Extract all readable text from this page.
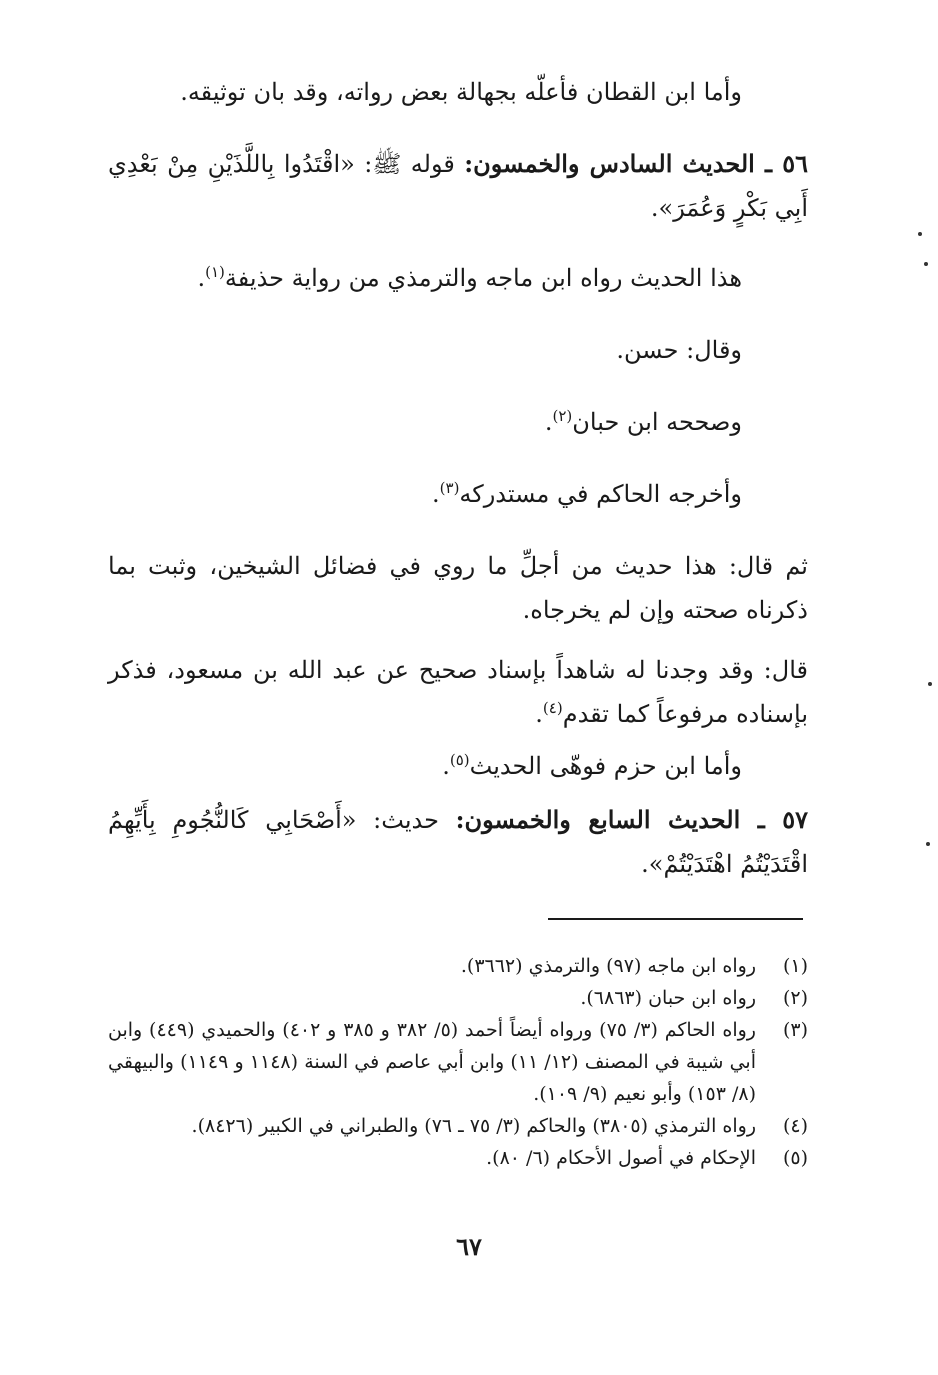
وأما ابن القطان فأعلّه بجهالة بعض رواته، وقد بان توثيقه.

٥٦ ـ الحديث السادس والخمسون: قوله ﷺ: «اقْتَدُوا بِاللَّذَيْنِ مِنْ بَعْدِي أَبِي بَكْرٍ وَعُمَرَ».

هذا الحديث رواه ابن ماجه والترمذي من رواية حذيفة$^{(١)}$.

وقال: حسن.

وصححه ابن حبان$^{(٢)}$.

وأخرجه الحاكم في مستدركه$^{(٣)}$.

ثم قال: هذا حديث من أجلِّ ما روي في فضائل الشيخين، وثبت بما ذكرناه صحته وإن لم يخرجاه.

قال: وقد وجدنا له شاهداً بإسناد صحيح عن عبد الله بن مسعود، فذكر بإسناده مرفوعاً كما تقدم$^{(٤)}$.

وأما ابن حزم فوهّى الحديث$^{(٥)}$.

٥٧ ـ الحديث السابع والخمسون: حديث: «أَصْحَابِي كَالنُّجُومِ بِأَيِّهِمُ اقْتَدَيْتُمُ اهْتَدَيْتُمْ».

(١)
رواه ابن ماجه (٩٧) والترمذي (٣٦٦٢).
(٢)
رواه ابن حبان (٦٨٦٣).
(٣)
رواه الحاكم (٣/ ٧٥) ورواه أيضاً أحمد (٥/ ٣٨٢ و ٣٨٥ و ٤٠٢) والحميدي (٤٤٩) وابن أبي شيبة في المصنف (١٢/ ١١) وابن أبي عاصم في السنة (١١٤٨ و ١١٤٩) والبيهقي (٨/ ١٥٣) وأبو نعيم (٩/ ١٠٩).
(٤)
رواه الترمذي (٣٨٠٥) والحاكم (٣/ ٧٥ ـ ٧٦) والطبراني في الكبير (٨٤٢٦).
(٥)
الإحكام في أصول الأحكام (٦/ ٨٠).
٦٧
